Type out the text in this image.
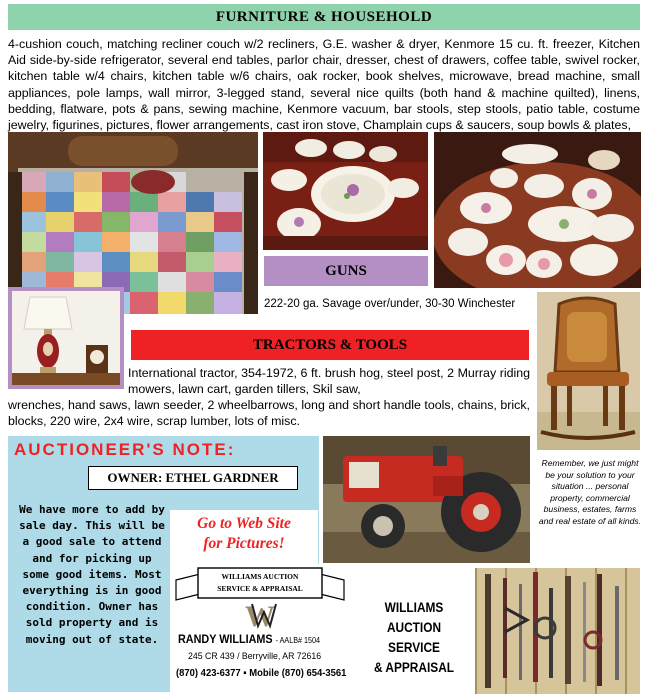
FURNITURE & HOUSEHOLD
4-cushion couch, matching recliner couch w/2 recliners, G.E. washer & dryer, Kenmore 15 cu. ft. freezer, Kitchen Aid side-by-side refrigerator, several end tables, parlor chair, dresser, chest of drawers, coffee table, swivel rocker, kitchen table w/4 chairs, kitchen table w/6 chairs, oak rocker, book shelves, microwave, bread machine, small appliances, pole lamps, wall mirror, 3-legged stand, several nice quilts (both hand & machine quilted), linens, bedding, flatware, pots & pans, sewing machine, Kenmore vacuum, bar stools, step stools, patio table, costume jewelry, figurines, pictures, flower arrangements, cast iron stove, Champlain cups & saucers, soup bowls & plates,
GUNS
222-20 ga. Savage over/under, 30-30 Winchester
TRACTORS & TOOLS
International tractor, 354-1972, 6 ft. brush hog, steel post, 2 Murray riding mowers, lawn cart, garden tillers, Skil saw,
wrenches, hand saws, lawn seeder, 2 wheelbarrows, long and short handle tools, chains, brick, blocks, 220 wire, 2x4 wire, scrap lumber, lots of misc.
AUCTIONEER'S NOTE:
OWNER: ETHEL GARDNER
We have more to add by sale day. This will be a good sale to attend and for picking up some good items. Most everything is in good condition. Owner has sold property and is moving out of state.
Go to Web Site
for Pictures!
Remember, we just might be your solution to your situation ... personal property, commercial business, estates, farms and real estate of all kinds.
WILLIAMS AUCTION
SERVICE & APPRAISAL
W
RANDY WILLIAMS - AALB# 1504
245 CR 439 / Berryville, AR 72616
(870) 423-6377 ▪ Mobile (870) 654-3561
WILLIAMS
AUCTION SERVICE
& APPRAISAL
